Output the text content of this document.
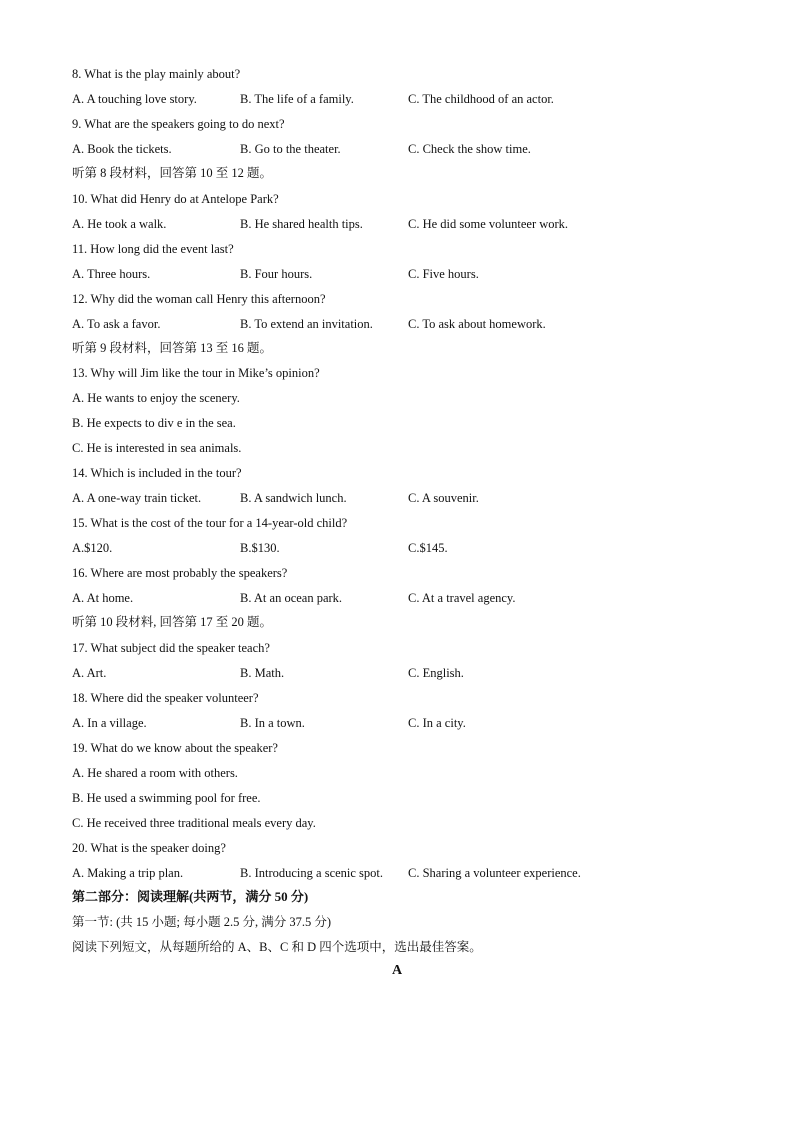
8. What is the play mainly about?
A. A touching love story.	B. The life of a family.	C. The childhood of an actor.
9. What are the speakers going to do next?
A. Book the tickets.	B. Go to the theater.	C. Check the show time.
听第 8 段材料，回答第 10 至 12 题。
10. What did Henry do at Antelope Park?
A. He took a walk.	B. He shared health tips.	C. He did some volunteer work.
11. How long did the event last?
A. Three hours.	B. Four hours.	C. Five hours.
12. Why did the woman call Henry this afternoon?
A. To ask a favor.	B. To extend an invitation.	C. To ask about homework.
听第 9 段材料，回答第 13 至 16 题。
13. Why will Jim like the tour in Mike’s opinion?
A. He wants to enjoy the scenery.
B. He expects to div e in the sea.
C. He is interested in sea animals.
14. Which is included in the tour?
A. A one-way train ticket.	B. A sandwich lunch.	C. A souvenir.
15. What is the cost of the tour for a 14-year-old child?
A.$120.	B.$130.	C.$145.
16. Where are most probably the speakers?
A. At home.	B. At an ocean park.	C. At a travel agency.
听第 10 段材料, 回答第 17 至 20 题。
17. What subject did the speaker teach?
A. Art.	B. Math.	C. English.
18. Where did the speaker volunteer?
A. In a village.	B. In a town.	C. In a city.
19. What do we know about the speaker?
A. He shared a room with others.
B. He used a swimming pool for free.
C. He received three traditional meals every day.
20. What is the speaker doing?
A. Making a trip plan.	B. Introducing a scenic spot. C. Sharing a volunteer experience.
第二部分：阅读理解(共两节，满分 50 分)
第一节: (共 15 小题; 每小题 2.5 分, 满分 37.5 分)
阅读下列短文，从每题所给的 A、B、C 和 D 四个选项中，选出最佳答案。
A
